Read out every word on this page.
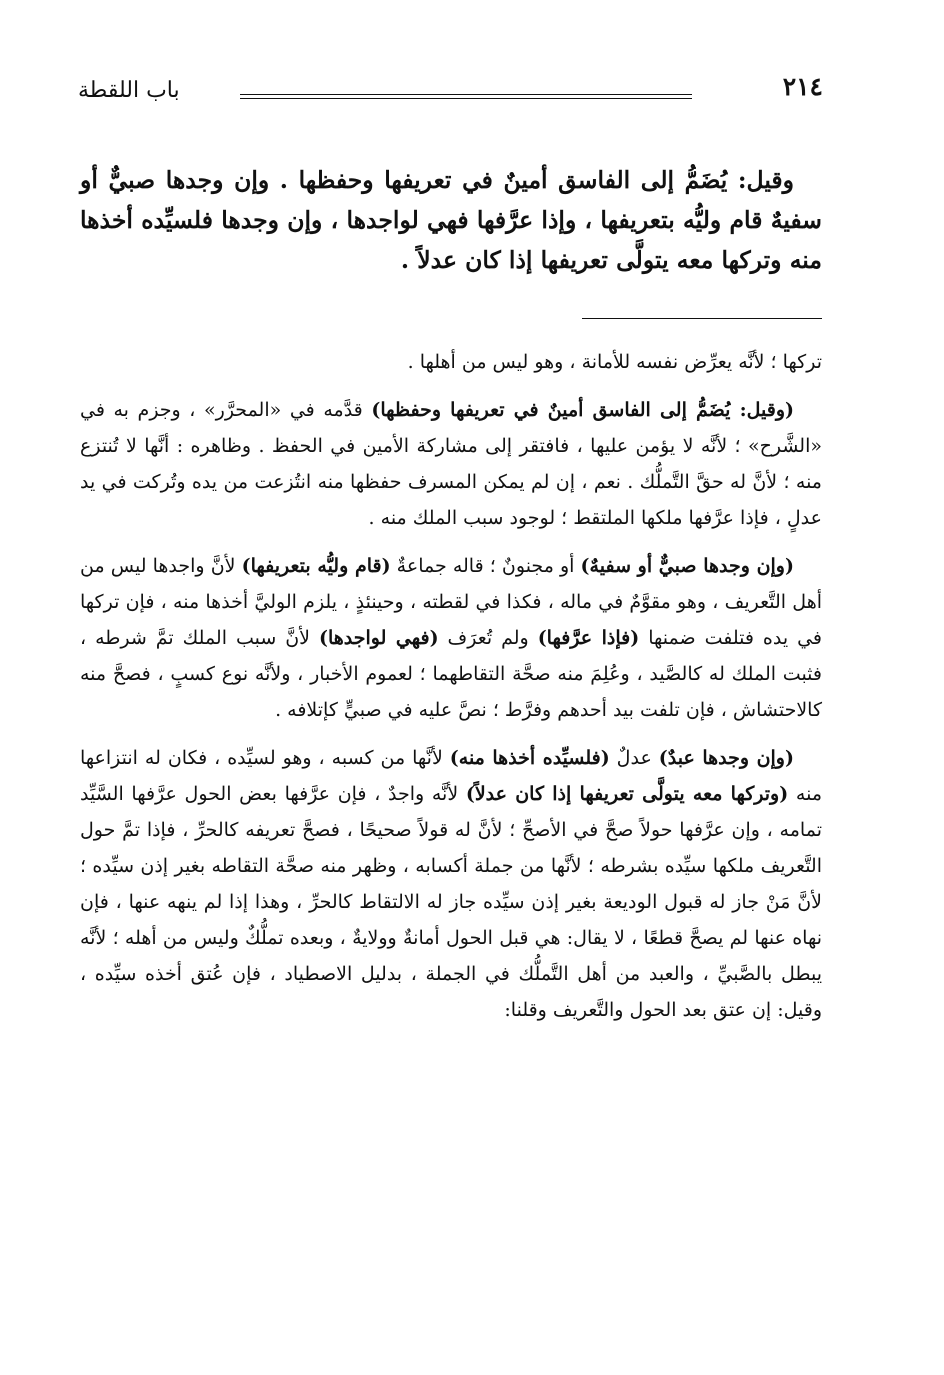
٢١٤
باب اللقطة

وقيل: يُضَمُّ إلى الفاسق أمينٌ في تعريفها وحفظها . وإن وجدها صبيٌّ أو سفيهٌ قام وليُّه بتعريفها ، وإذا عرَّفها فهي لواجدها ، وإن وجدها فلسيِّده أخذها منه وتركها معه يتولَّى تعريفها إذا كان عدلاً .

تركها ؛ لأنَّه يعرِّض نفسه للأمانة ، وهو ليس من أهلها .

(وقيل: يُضَمُّ إلى الفاسق أمينٌ في تعريفها وحفظها) قدَّمه في «المحرَّر» ، وجزم به في «الشَّرح» ؛ لأنَّه لا يؤمن عليها ، فافتقر إلى مشاركة الأمين في الحفظ . وظاهره : أنَّها لا تُنتزع منه ؛ لأنَّ له حقَّ التَّملُّك . نعم ، إن لم يمكن المسرف حفظها منه انتُزعت من يده وتُركت في يد عدلٍ ، فإذا عرَّفها ملكها الملتقط ؛ لوجود سبب الملك منه .

(وإن وجدها صبيٌّ أو سفيهٌ) أو مجنونٌ ؛ قاله جماعةٌ (قام وليُّه بتعريفها) لأنَّ واجدها ليس من أهل التَّعريف ، وهو مقوَّمٌ في ماله ، فكذا في لقطته ، وحينئذٍ ، يلزم الوليَّ أخذها منه ، فإن تركها في يده فتلفت ضمنها (فإذا عرَّفها) ولم تُعرَف (فهي لواجدها) لأنَّ سبب الملك تمَّ شرطه ، فثبت الملك له كالصَّيد ، وعُلِمَ منه صحَّة التقاطهما ؛ لعموم الأخبار ، ولأنَّه نوع كسبٍ ، فصحَّ منه كالاحتشاش ، فإن تلفت بيد أحدهم وفرَّط ؛ نصَّ عليه في صبيٍّ كإتلافه .

(وإن وجدها عبدٌ) عدلٌ (فلسيِّده أخذها منه) لأنَّها من كسبه ، وهو لسيِّده ، فكان له انتزاعها منه (وتركها معه يتولَّى تعريفها إذا كان عدلاً) لأنَّه واجدٌ ، فإن عرَّفها بعض الحول عرَّفها السَّيِّد تمامه ، وإن عرَّفها حولاً صحَّ في الأصحِّ ؛ لأنَّ له قولاً صحيحًا ، فصحَّ تعريفه كالحرِّ ، فإذا تمَّ حول التَّعريف ملكها سيِّده بشرطه ؛ لأنَّها من جملة أكسابه ، وظهر منه صحَّة التقاطه بغير إذن سيِّده ؛ لأنَّ مَنْ جاز له قبول الوديعة بغير إذن سيِّده جاز له الالتقاط كالحرِّ ، وهذا إذا لم ينهه عنها ، فإن نهاه عنها لم يصحَّ قطعًا ، لا يقال: هي قبل الحول أمانةٌ وولايةٌ ، وبعده تملُّكٌ وليس من أهله ؛ لأنَّه يبطل بالصَّبيِّ ، والعبد من أهل التَّملُّك في الجملة ، بدليل الاصطياد ، فإن عُتق أخذه سيِّده ، وقيل: إن عتق بعد الحول والتَّعريف وقلنا:
